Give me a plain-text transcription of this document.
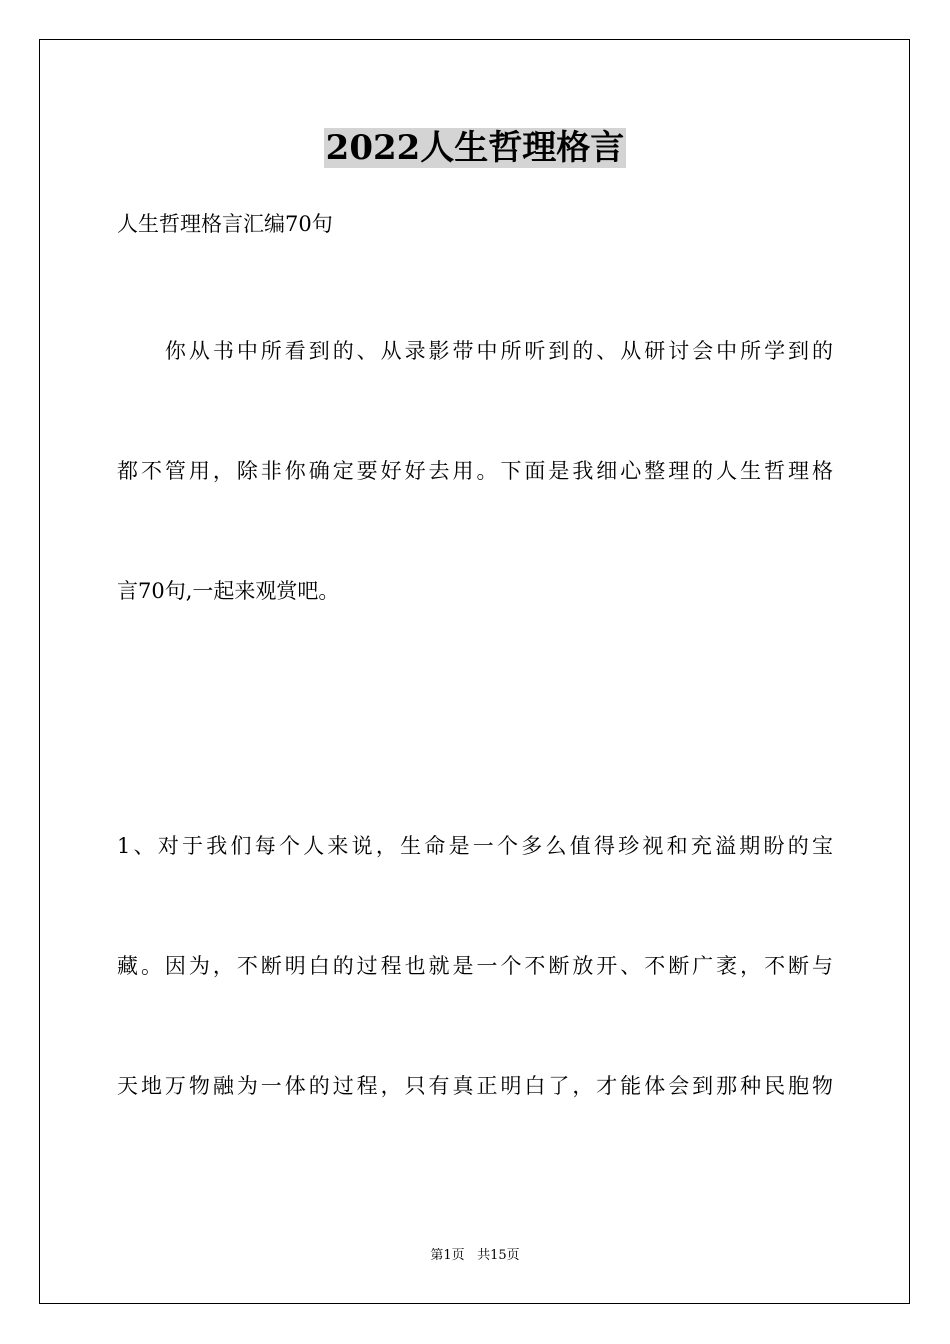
2022人生哲理格言

人生哲理格言汇编70句

　　你从书中所看到的、从录影带中所听到的、从研讨会中所学到的

都不管用，除非你确定要好好去用。下面是我细心整理的人生哲理格

言70句,一起来观赏吧。

1、对于我们每个人来说，生命是一个多么值得珍视和充溢期盼的宝

藏。因为，不断明白的过程也就是一个不断放开、不断广袤，不断与

天地万物融为一体的过程，只有真正明白了，才能体会到那种民胞物

第1页 共15页
